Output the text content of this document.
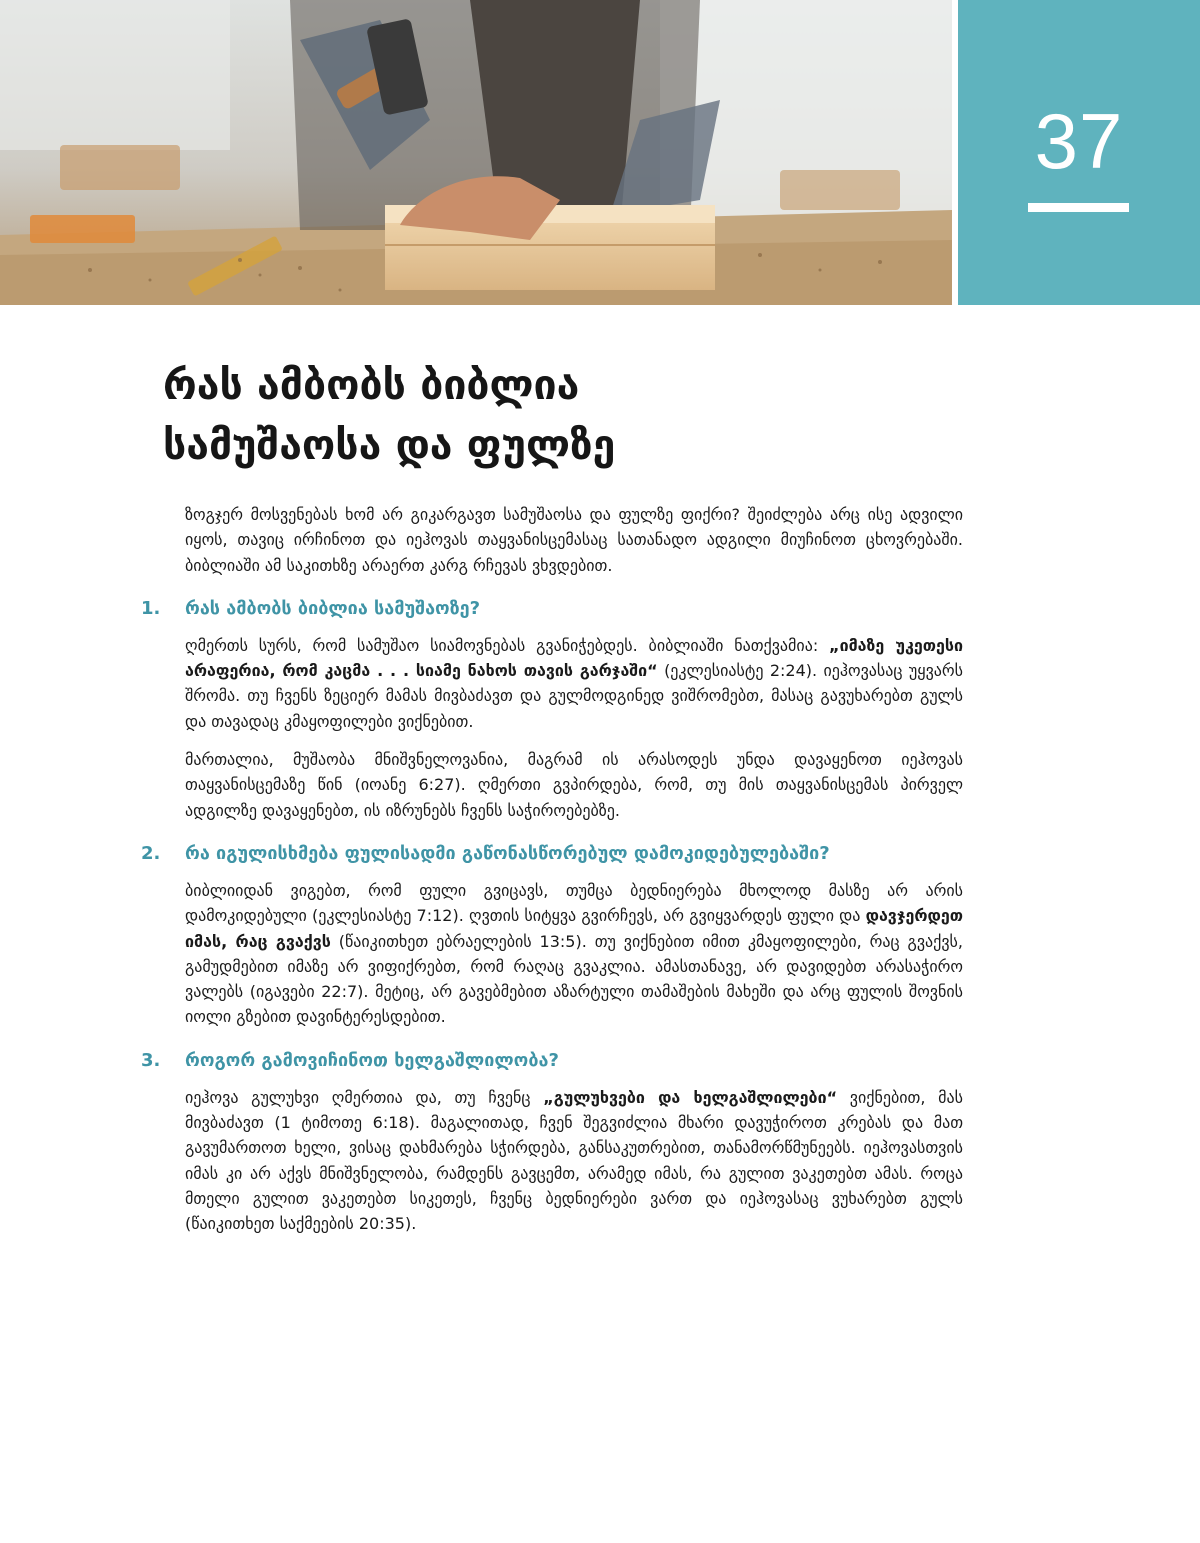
37
რას ამბობს ბიბლია
სამუშაოსა და ფულზე

ზოგჯერ მოსვენებას ხომ არ გიკარგავთ სამუშაოსა და ფულზე ფიქრი? შეიძლება არც ისე ადვილი იყოს, თავიც ირჩინოთ და იეჰოვას თაყვანისცემასაც სათანადო ადგილი მიუჩინოთ ცხოვრებაში. ბიბლიაში ამ საკითხზე არაერთ კარგ რჩევას ვხვდებით.

1. რას ამბობს ბიბლია სამუშაოზე?

ღმერთს სურს, რომ სამუშაო სიამოვნებას გვანიჭებდეს. ბიბლიაში ნათქვამია: „იმაზე უკეთესი არაფერია, რომ კაცმა . . . სიამე ნახოს თავის გარჯაში“ (ეკლესიასტე 2:24). იეჰოვასაც უყვარს შრომა. თუ ჩვენს ზეციერ მამას მივბაძავთ და გულმოდგინედ ვიშრომებთ, მასაც გავუხარებთ გულს და თავადაც კმაყოფილები ვიქნებით.

მართალია, მუშაობა მნიშვნელოვანია, მაგრამ ის არასოდეს უნდა დავაყენოთ იეჰოვას თაყვანისცემაზე წინ (იოანე 6:27). ღმერთი გვპირდება, რომ, თუ მის თაყვანისცემას პირველ ადგილზე დავაყენებთ, ის იზრუნებს ჩვენს საჭიროებებზე.

2. რა იგულისხმება ფულისადმი გაწონასწორებულ დამოკიდებულებაში?

ბიბლიიდან ვიგებთ, რომ ფული გვიცავს, თუმცა ბედნიერება მხოლოდ მასზე არ არის დამოკიდებული (ეკლესიასტე 7:12). ღვთის სიტყვა გვირჩევს, არ გვიყვარდეს ფული და დავჯერდეთ იმას, რაც გვაქვს (წაიკითხეთ ებრაელების 13:5). თუ ვიქნებით იმით კმაყოფილები, რაც გვაქვს, გამუდმებით იმაზე არ ვიფიქრებთ, რომ რაღაც გვაკლია. ამასთანავე, არ დავიდებთ არასაჭირო ვალებს (იგავები 22:7). მეტიც, არ გავებმებით აზარტული თამაშების მახეში და არც ფულის შოვნის იოლი გზებით დავინტერესდებით.

3. როგორ გამოვიჩინოთ ხელგაშლილობა?

იეჰოვა გულუხვი ღმერთია და, თუ ჩვენც „გულუხვები და ხელგაშლილები“ ვიქნებით, მას მივბაძავთ (1 ტიმოთე 6:18). მაგალითად, ჩვენ შეგვიძლია მხარი დავუჭიროთ კრებას და მათ გავუმართოთ ხელი, ვისაც დახმარება სჭირდება, განსაკუთრებით, თანამორწმუნეებს. იეჰოვასთვის იმას კი არ აქვს მნიშვნელობა, რამდენს გავცემთ, არამედ იმას, რა გულით ვაკეთებთ ამას. როცა მთელი გულით ვაკეთებთ სიკეთეს, ჩვენც ბედნიერები ვართ და იეჰოვასაც ვუხარებთ გულს (წაიკითხეთ საქმეების 20:35).
